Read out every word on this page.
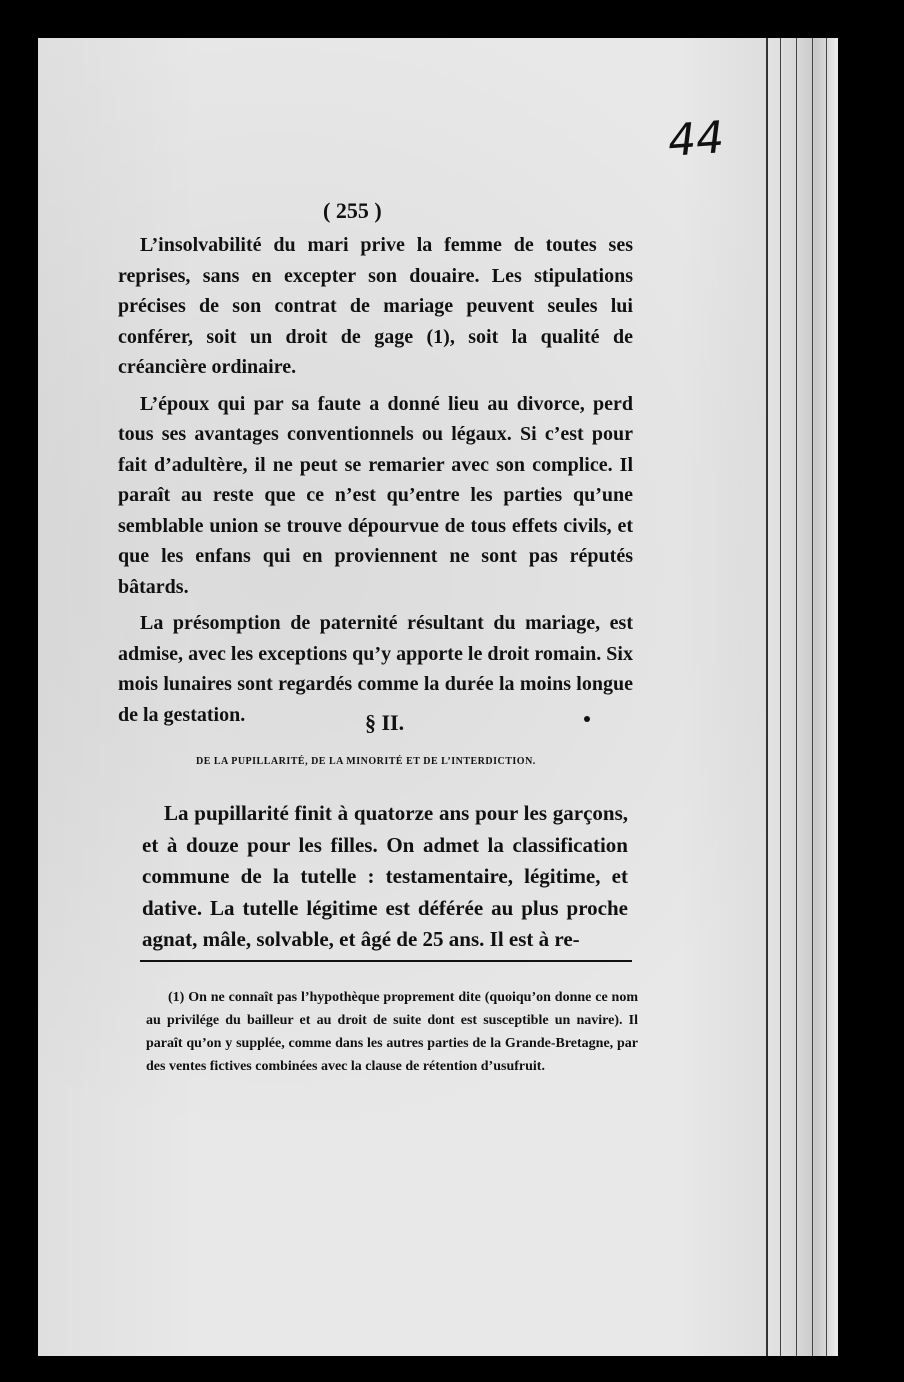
44
( 255 )

L’insolvabilité du mari prive la femme de toutes ses reprises, sans en excepter son douaire. Les stipulations précises de son contrat de mariage peuvent seules lui conférer, soit un droit de gage (1), soit la qualité de créancière ordinaire.

L’époux qui par sa faute a donné lieu au divorce, perd tous ses avantages conventionnels ou légaux. Si c’est pour fait d’adultère, il ne peut se remarier avec son complice. Il paraît au reste que ce n’est qu’entre les parties qu’une semblable union se trouve dépourvue de tous effets civils, et que les enfans qui en proviennent ne sont pas réputés bâtards.

La présomption de paternité résultant du mariage, est admise, avec les exceptions qu’y apporte le droit romain. Six mois lunaires sont regardés comme la durée la moins longue de la gestation.	§ II.
DE LA PUPILLARITÉ, DE LA MINORITÉ ET DE L’INTERDICTION.

La pupillarité finit à quatorze ans pour les garçons, et à douze pour les filles. On admet la classification commune de la tutelle : testamentaire, légitime, et dative. La tutelle légitime est déférée au plus proche agnat, mâle, solvable, et âgé de 25 ans. Il est à re-

(1) On ne connaît pas l’hypothèque proprement dite (quoiqu’on donne ce nom au privilége du bailleur et au droit de suite dont est susceptible un navire). Il paraît qu’on y supplée, comme dans les autres parties de la Grande-Bretagne, par des ventes fictives combinées avec la clause de rétention d’usufruit.
